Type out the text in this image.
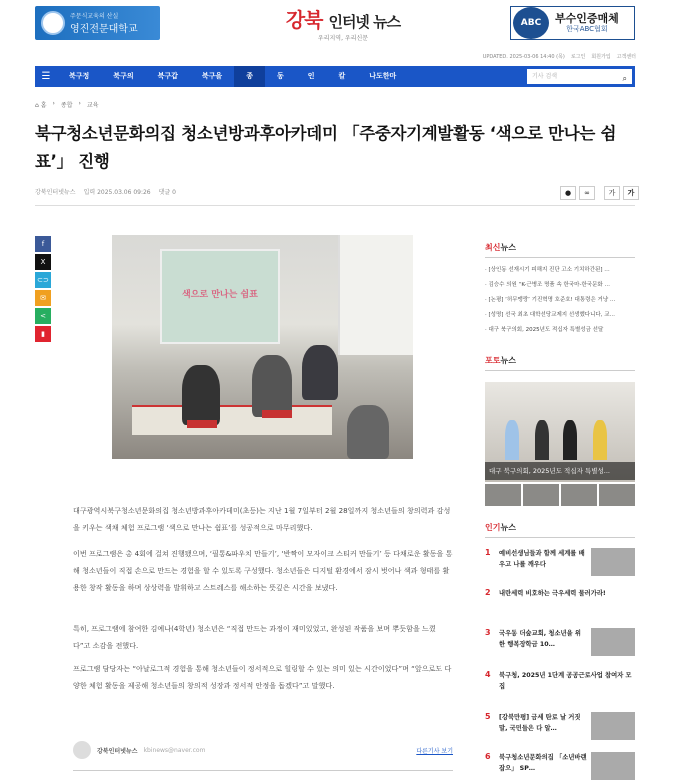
주문식교육의 산실
영진전문대학교	강북 인터넷 뉴스
우리지역, 우리신문
ABC	부수인증매체
한국ABC협회
UPDATED. 2025-03-06 14:40 (목) 로그인 회원가입 고객센터
☰	북구정	북구의	북구갑	북구을	종	동	인	칼	나도한마	기사 검색	⌕
⌂ 홈 › 종합 › 교육
북구청소년문화의집 청소년방과후아카데미 「주중자기계발활동 ‘색으로 만나는 쉼표’」 진행
강북인터넷뉴스 입력 2025.03.06 09:26 댓글 0	●	∞	가	가
f
X
⊂⊃
✉
<
▮
색으로 만나는 쉼표

대구광역시북구청소년문화의집 청소년방과후아카데미(초등)는 지난 1월 7일부터 2월 28일까지 청소년들의 창의력과 감성을 키우는 색채 체험 프로그램 ‘색으로 만나는 쉼표’를 성공적으로 마무리했다.

이번 프로그램은 총 4회에 걸쳐 진행됐으며, ‘필통&파우치 만들기’, ‘반짝이 모자이크 스티커 만들기’ 등 다채로운 활동을 통해 청소년들이 직접 손으로 만드는 경험을 할 수 있도록 구성했다. 청소년들은 디지털 환경에서 잠시 벗어나 색과 형태를 활용한 창작 활동을 하며 상상력을 발휘하고 스트레스를 해소하는 뜻깊은 시간을 보냈다.

특히, 프로그램에 참여한 김예나(4학년) 청소년은 “직접 만드는 과정이 재미있었고, 완성된 작품을 보며 뿌듯함을 느꼈다”고 소감을 전했다.

프로그램 담당자는 “아날로그적 경험을 통해 청소년들이 정서적으로 힐링할 수 있는 의미 있는 시간이었다”며 “앞으로도 다양한 체험 활동을 제공해 청소년들의 창의적 성장과 정서적 안정을 돕겠다”고 말했다.

강북인터넷뉴스 kbinews@naver.com	다른기사 보기
최신뉴스
· [상인동 선재시기 피해지 진단 고소 기치하간된] …
· 김승수 의원 “K-근병조 명품 속 한국마-한국문화 …
· [논평] ‘허무맹랑’ 기진혁명 호준호! 대통령은 거냥 …
· [성명] 선국 최초 대학선당교제지 선생했다니다, 교…
· 대구 북구의회, 2025년도 적십자 특별성금 선달
포토뉴스
대구 북구의회, 2025년도 적십자 특별성...
인기뉴스
1	예비선생님들과 함께 세계를 배우고 나를 깨우다
2	내란세력 비호하는 극우세력 물러가라!
3	국우동 더숲교회, 청소년을 위한 행복장학금 10…
4	북구청, 2025년 1단계 공공근로사업 참여자 모집
5	[강북만평] 금세 탄로 날 거짓말, 국민들은 다 알…
6	북구청소년문화의집 「소년바랜잡으」 SP…
